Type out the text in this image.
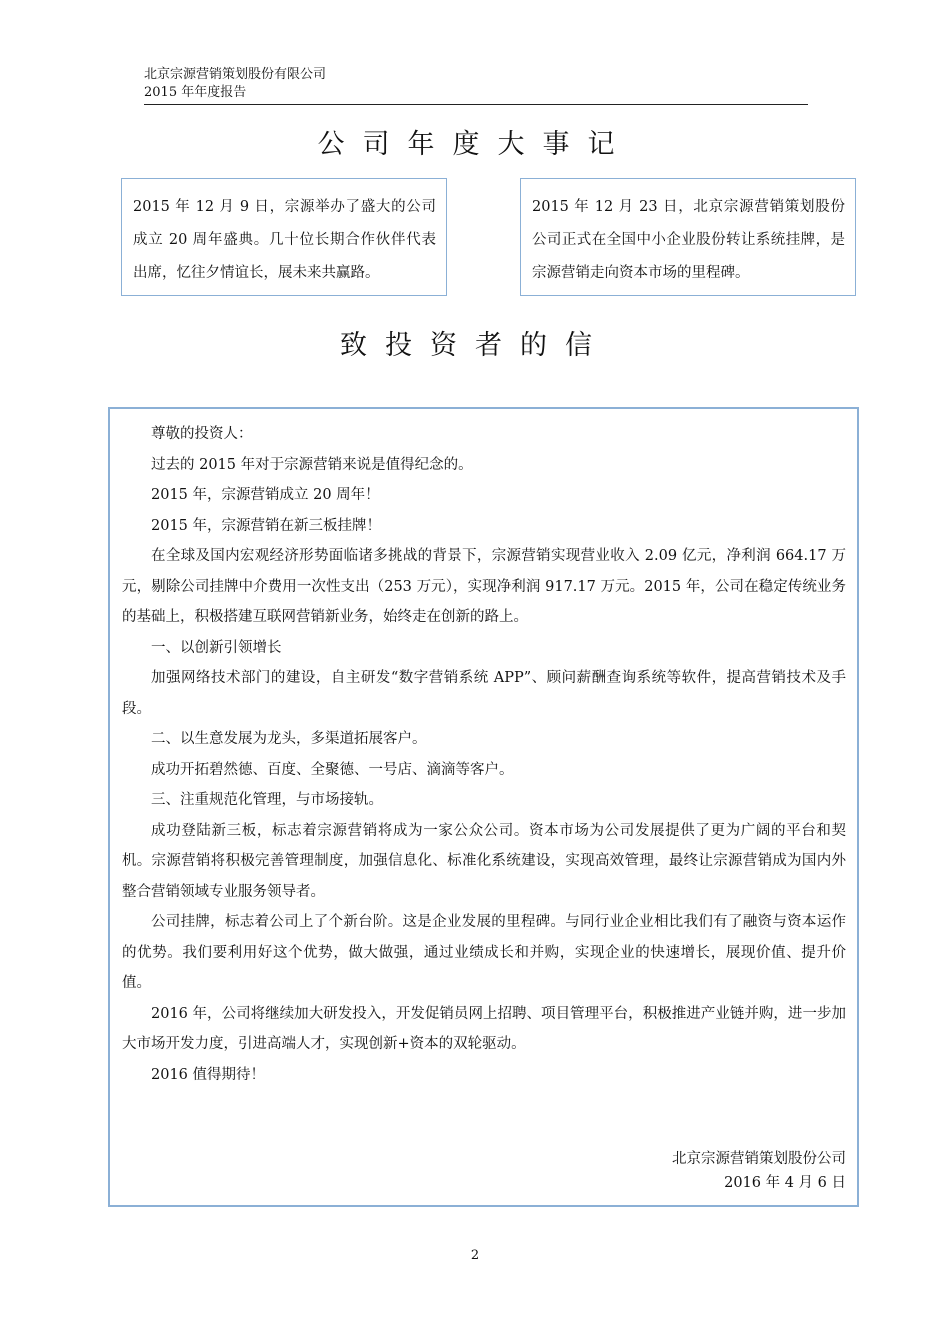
北京宗源营销策划股份有限公司
2015 年年度报告
公司年度大事记
2015 年 12 月 9 日，宗源举办了盛大的公司成立 20 周年盛典。几十位长期合作伙伴代表出席，忆往夕情谊长，展未来共赢路。
2015 年 12 月 23 日，北京宗源营销策划股份公司正式在全国中小企业股份转让系统挂牌，是宗源营销走向资本市场的里程碑。
致投资者的信

尊敬的投资人：

过去的 2015 年对于宗源营销来说是值得纪念的。

2015 年，宗源营销成立 20 周年！

2015 年，宗源营销在新三板挂牌！

在全球及国内宏观经济形势面临诸多挑战的背景下，宗源营销实现营业收入 2.09 亿元，净利润 664.17 万元，剔除公司挂牌中介费用一次性支出（253 万元），实现净利润 917.17 万元。2015 年，公司在稳定传统业务的基础上，积极搭建互联网营销新业务，始终走在创新的路上。

一、以创新引领增长

加强网络技术部门的建设，自主研发“数字营销系统 APP”、顾问薪酬查询系统等软件，提高营销技术及手段。

二、以生意发展为龙头，多渠道拓展客户。

成功开拓碧然德、百度、全聚德、一号店、滴滴等客户。

三、注重规范化管理，与市场接轨。

成功登陆新三板，标志着宗源营销将成为一家公众公司。资本市场为公司发展提供了更为广阔的平台和契机。宗源营销将积极完善管理制度，加强信息化、标准化系统建设，实现高效管理，最终让宗源营销成为国内外整合营销领域专业服务领导者。

公司挂牌，标志着公司上了个新台阶。这是企业发展的里程碑。与同行业企业相比我们有了融资与资本运作的优势。我们要利用好这个优势，做大做强，通过业绩成长和并购，实现企业的快速增长，展现价值、提升价值。

2016 年，公司将继续加大研发投入，开发促销员网上招聘、项目管理平台，积极推进产业链并购，进一步加大市场开发力度，引进高端人才，实现创新+资本的双轮驱动。

2016 值得期待！

北京宗源营销策划股份公司
2016 年 4 月 6 日
2
